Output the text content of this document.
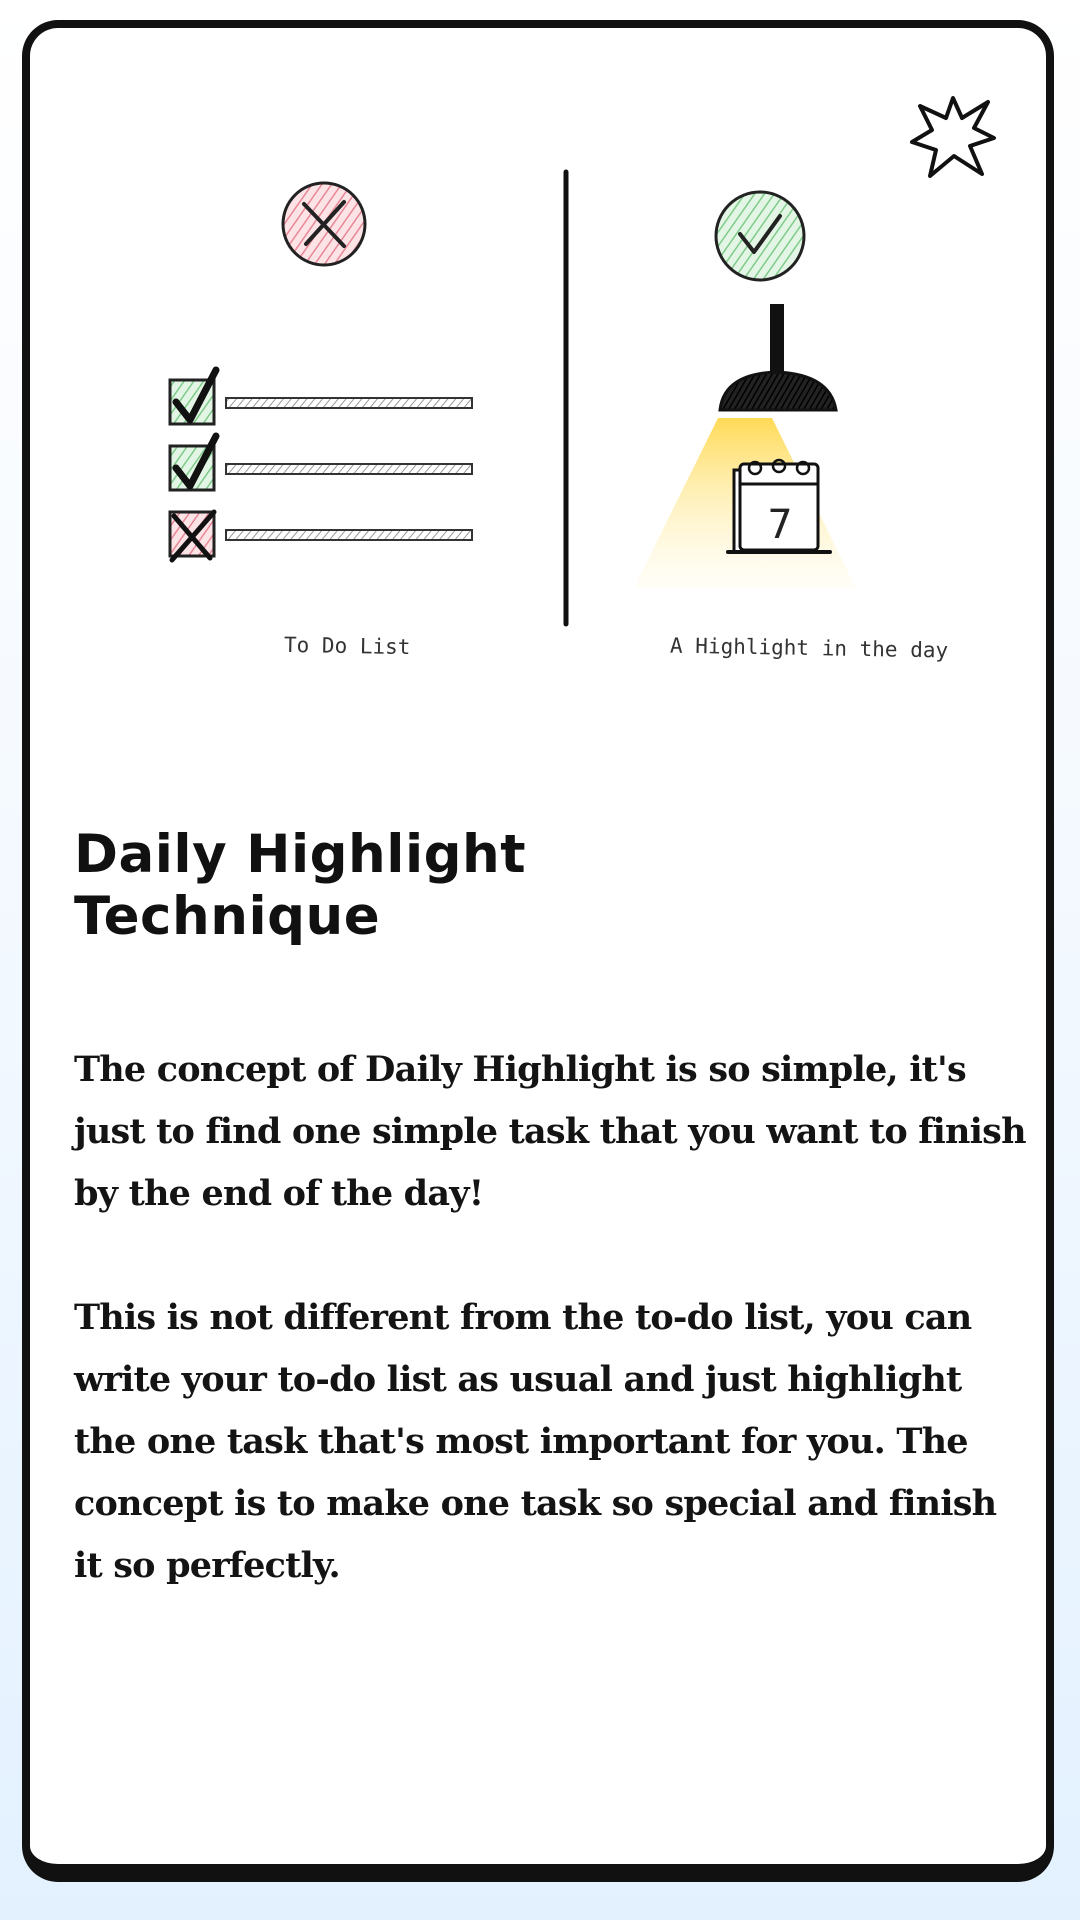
7
To Do List	A Highlight in the day
Daily Highlight Technique

The concept of Daily Highlight is so simple, it's just to find one simple task that you want to finish by the end of the day!

This is not different from the to-do list, you can write your to-do list as usual and just highlight the one task that's most important for you. The concept is to make one task so special and finish it so perfectly.
